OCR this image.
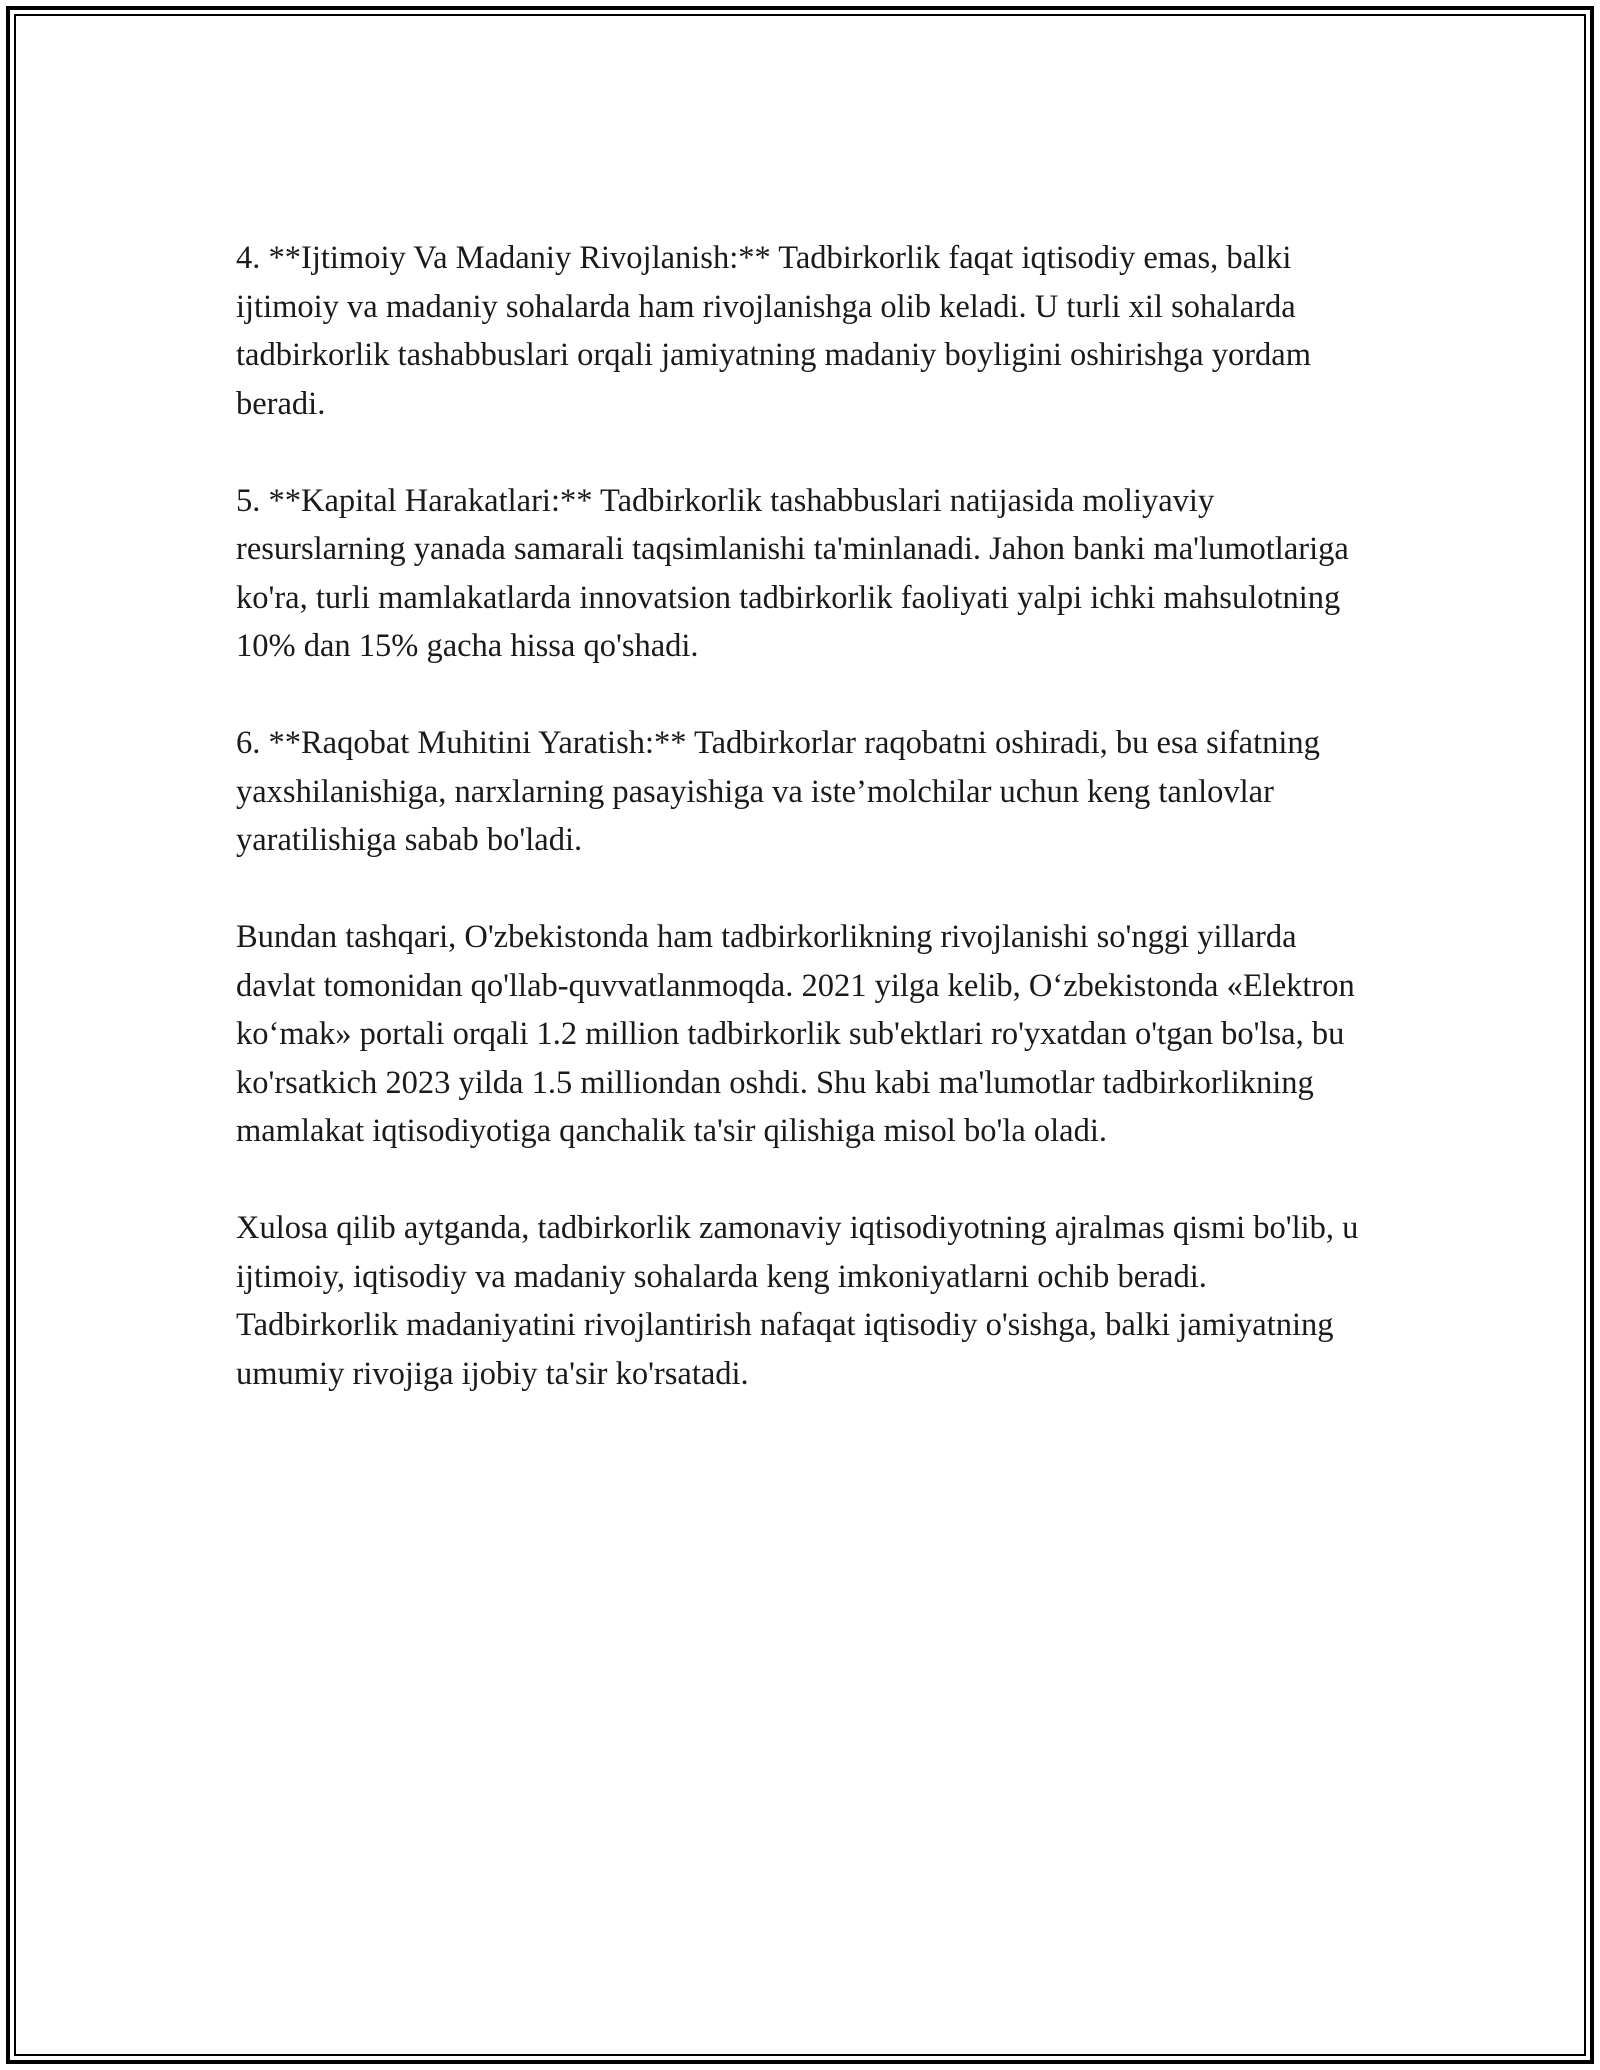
4. **Ijtimoiy Va Madaniy Rivojlanish:** Tadbirkorlik faqat iqtisodiy emas, balki ijtimoiy va madaniy sohalarda ham rivojlanishga olib keladi. U turli xil sohalarda tadbirkorlik tashabbuslari orqali jamiyatning madaniy boyligini oshirishga yordam beradi.

5. **Kapital Harakatlari:** Tadbirkorlik tashabbuslari natijasida moliyaviy resurslarning yanada samarali taqsimlanishi ta'minlanadi. Jahon banki ma'lumotlariga ko'ra, turli mamlakatlarda innovatsion tadbirkorlik faoliyati yalpi ichki mahsulotning 10% dan 15% gacha hissa qo'shadi.

6. **Raqobat Muhitini Yaratish:** Tadbirkorlar raqobatni oshiradi, bu esa sifatning yaxshilanishiga, narxlarning pasayishiga va iste’molchilar uchun keng tanlovlar yaratilishiga sabab bo'ladi.

Bundan tashqari, O'zbekistonda ham tadbirkorlikning rivojlanishi so'nggi yillarda davlat tomonidan qo'llab-quvvatlanmoqda. 2021 yilga kelib, O‘zbekistonda «Elektron ko‘mak» portali orqali 1.2 million tadbirkorlik sub'ektlari ro'yxatdan o'tgan bo'lsa, bu ko'rsatkich 2023 yilda 1.5 milliondan oshdi. Shu kabi ma'lumotlar tadbirkorlikning mamlakat iqtisodiyotiga qanchalik ta'sir qilishiga misol bo'la oladi.

Xulosa qilib aytganda, tadbirkorlik zamonaviy iqtisodiyotning ajralmas qismi bo'lib, u ijtimoiy, iqtisodiy va madaniy sohalarda keng imkoniyatlarni ochib beradi. Tadbirkorlik madaniyatini rivojlantirish nafaqat iqtisodiy o'sishga, balki jamiyatning umumiy rivojiga ijobiy ta'sir ko'rsatadi.
